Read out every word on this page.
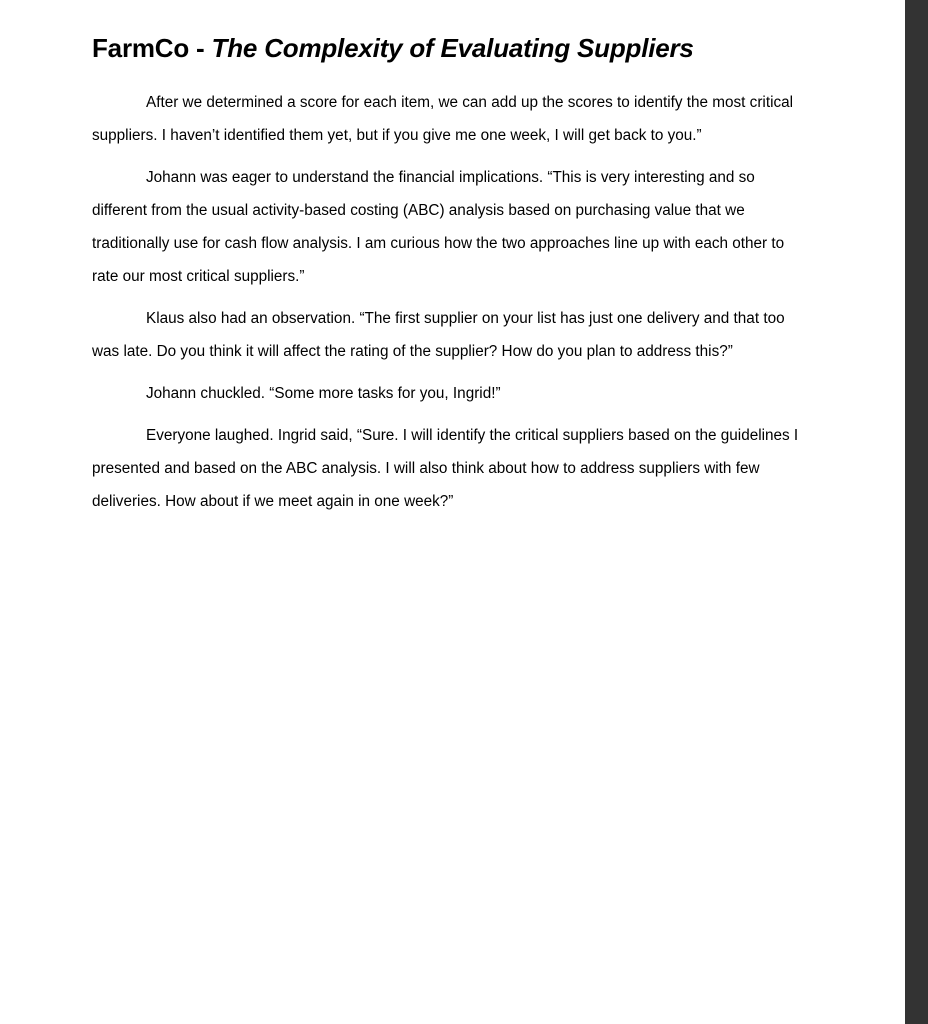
FarmCo - The Complexity of Evaluating Suppliers

After we determined a score for each item, we can add up the scores to identify the most critical suppliers. I haven’t identified them yet, but if you give me one week, I will get back to you.”

Johann was eager to understand the financial implications. “This is very interesting and so different from the usual activity-based costing (ABC) analysis based on purchasing value that we traditionally use for cash flow analysis. I am curious how the two approaches line up with each other to rate our most critical suppliers.”

Klaus also had an observation. “The first supplier on your list has just one delivery and that too was late. Do you think it will affect the rating of the supplier? How do you plan to address this?”

Johann chuckled. “Some more tasks for you, Ingrid!”

Everyone laughed. Ingrid said, “Sure. I will identify the critical suppliers based on the guidelines I presented and based on the ABC analysis. I will also think about how to address suppliers with few deliveries. How about if we meet again in one week?”
